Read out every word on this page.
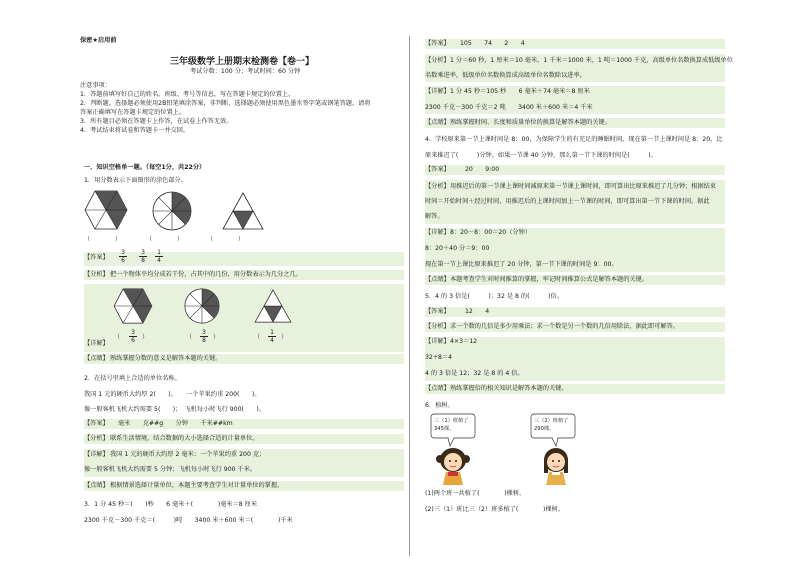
保密★启用前
三年级数学上册期末检测卷【卷一】
考试分数：100 分；考试时间：60 分钟
注意事项：
1．答题前填写好自己的姓名、班级、考号等信息，写在答题卡规定的位置上。
2．判断题、选择题必须使用2B铅笔填涂答案，非判断、选择题必须使用黑色墨水签字笔或钢笔答题，请将
答案正确填写在答题卡规定的位置上。
3．所有题目必须在答题卡上作答，在试卷上作答无效。
4．考试结束将试卷和答题卡一并交回。
一、知识空格单一题。（每空1分，共22分）
1．用分数表示下面图形的涂色部分。
（　　　　）	（　　　　）	（　　　　）
【答案】
3
6
3
8
1
4
【分析】 把一个物体平均分成若干份，占其中的几份，用分数表示为几分之几。
【详解】
（
3
6	）	（
3
8	）	（
1
4	）
【点睛】 熟练掌握分数的意义是解答本题的关键。
2．在括号里填上合适的单位名称。
我国 1 元的硬币大约厚 2(　　)。　　一个苹果约重 200(　　)。
像一般客机飞机大约需要 5(　　)；　飞机每小时飞行 900(　　)。
【答案】 毫米　　克##g　　分钟　　千米##km
【分析】 联系生活情境，结合数据的大小选择合适的计量单位。
【详解】 我国 1 元的硬币大约厚 2 毫米；一个苹果约重 200 克；
像一般客机飞机大约需要 5 分钟；飞机每小时飞行 900 千米。
【点睛】 根据情景选择计量单位，本题主要考查学生对计量单位的掌握。
3．1 分 45 秒＝(　　)秒　　6 毫米＋(　　　　)毫米＝8 厘米
2300 千克－300 千克＝(　　　)吨　　3400 米＋600 米＝(　　　　)千米
【答案】 105　　74　　2　　4
【分析】 1 分＝60 秒，1 厘米＝10 毫米，1 千米＝1000 米，1 吨＝1000 千克，高级单位名数换算成低级单位
名数乘进率，低级单位名数换算成高级单位名数除以进率。
【详解】 1 分 45 秒＝105 秒　　6 毫米＋74 毫米＝8 厘米
2300 千克－300 千克＝2 吨　　3400 米＋600 米＝4 千米
【点睛】 熟练掌握时间、长度和质量单位的换算是解答本题的关键。
4．学校原来第一节上课时间是 8：00，为保障学生的有充足的睡眠时间，现在第一节上课时间是 8：20，比
原来推迟了(　　　)分钟。如果一节课 40 分钟，那么第一节下课的时间是(　　　)。
【答案】 20　　9:00
【分析】 用推迟后的第一节课上课时间减原来第一节课上课时间，即可算出比原来推迟了几分钟；根据结束
时间＝开始时间＋经过时间，用推迟后的上课时间加上一节课的时间，即可算出第一节下课的时间。据此
解答。
【详解】 8：20－8：00＝20（分钟）
8：20＋40 分＝9：00
现在第一节上课比原来推迟了 20 分钟，第一节下课的时间是 9：00。
【点睛】 本题考查学生对时间推算的掌握，牢记时间推算公式是解答本题的关键。
5．4 的 3 倍是(　　　)；32 是 8 的(　　　)倍。
【答案】 12　　4
【分析】 求一个数的几倍是多少用乘法；求一个数是另一个数的几倍用除法，据此即可解答。
【详解】 4×3＝12
32÷8＝4
4 的 3 倍是 12；32 是 8 的 4 倍。
【点睛】 熟练掌握倍的相关知识是解答本题的关键。
6．植树。
三（1）班植了
345棵。
三（2）班植了
290棵。
(1)两个班一共植了(　　　　)棵树。
(2)三（1）班比三（2）班多植了(　　　　)棵树。
